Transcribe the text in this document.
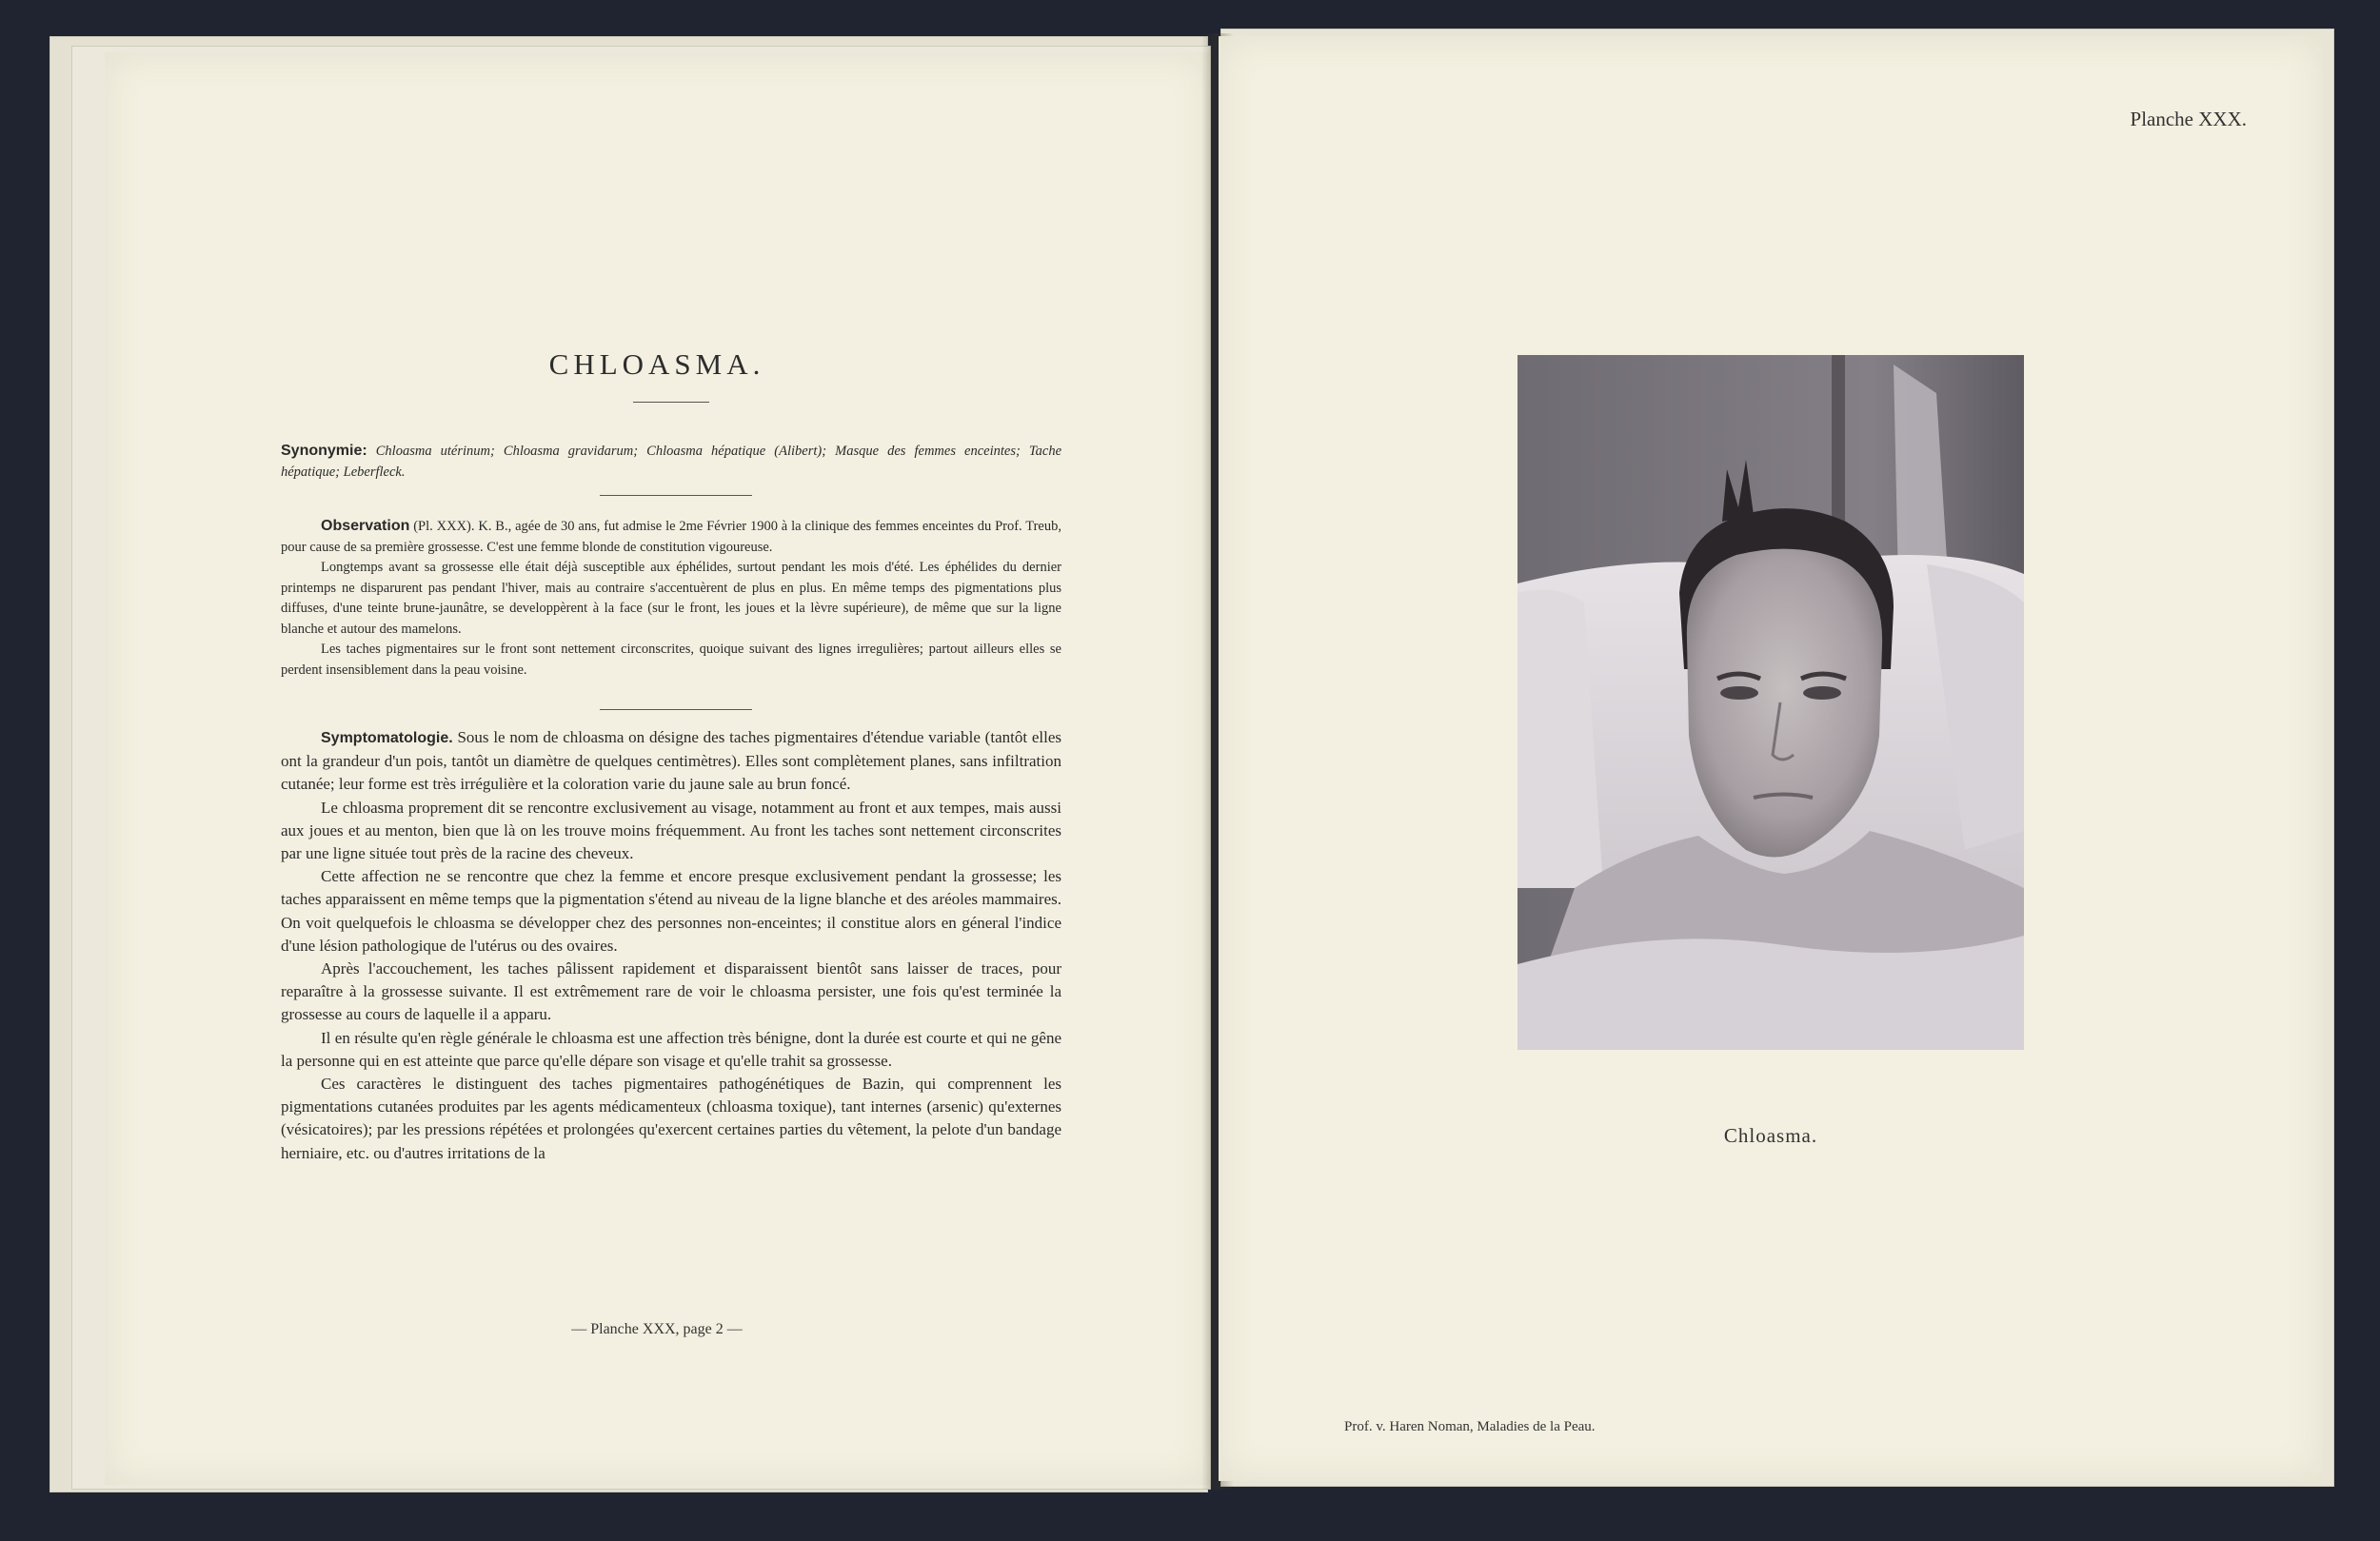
CHLOASMA.

Synonymie: Chloasma utérinum; Chloasma gravidarum; Chloasma hépatique (Alibert); Masque des femmes enceintes; Tache hépatique; Leberfleck.

Observation (Pl. XXX). K. B., agée de 30 ans, fut admise le 2me Février 1900 à la clinique des femmes enceintes du Prof. Treub, pour cause de sa première grossesse. C'est une femme blonde de constitution vigoureuse.

Longtemps avant sa grossesse elle était déjà susceptible aux éphélides, surtout pendant les mois d'été. Les éphélides du dernier printemps ne disparurent pas pendant l'hiver, mais au contraire s'accentuèrent de plus en plus. En même temps des pigmentations plus diffuses, d'une teinte brune-jaunâtre, se developpèrent à la face (sur le front, les joues et la lèvre supérieure), de même que sur la ligne blanche et autour des mamelons.

Les taches pigmentaires sur le front sont nettement circonscrites, quoique suivant des lignes irregulières; partout ailleurs elles se perdent insensiblement dans la peau voisine.

Symptomatologie. Sous le nom de chloasma on désigne des taches pigmentaires d'étendue variable (tantôt elles ont la grandeur d'un pois, tantôt un diamètre de quelques centimètres). Elles sont complètement planes, sans infiltration cutanée; leur forme est très irrégulière et la coloration varie du jaune sale au brun foncé.

Le chloasma proprement dit se rencontre exclusivement au visage, notamment au front et aux tempes, mais aussi aux joues et au menton, bien que là on les trouve moins fréquemment. Au front les taches sont nettement circonscrites par une ligne située tout près de la racine des cheveux.

Cette affection ne se rencontre que chez la femme et encore presque exclusivement pendant la grossesse; les taches apparaissent en même temps que la pigmentation s'étend au niveau de la ligne blanche et des aréoles mammaires. On voit quelquefois le chloasma se développer chez des personnes non-enceintes; il constitue alors en géneral l'indice d'une lésion pathologique de l'utérus ou des ovaires.

Après l'accouchement, les taches pâlissent rapidement et disparaissent bientôt sans laisser de traces, pour reparaître à la grossesse suivante. Il est extrêmement rare de voir le chloasma persister, une fois qu'est terminée la grossesse au cours de laquelle il a apparu.

Il en résulte qu'en règle générale le chloasma est une affection très bénigne, dont la durée est courte et qui ne gêne la personne qui en est atteinte que parce qu'elle dépare son visage et qu'elle trahit sa grossesse.

Ces caractères le distinguent des taches pigmentaires pathogénétiques de Bazin, qui comprennent les pigmentations cutanées produites par les agents médicamenteux (chloasma toxique), tant internes (arsenic) qu'externes (vésicatoires); par les pressions répétées et prolongées qu'exercent certaines parties du vêtement, la pelote d'un bandage herniaire, etc. ou d'autres irritations de la

— Planche XXX, page 2 —
Planche XXX.
Chloasma.
Prof. v. Haren Noman, Maladies de la Peau.
